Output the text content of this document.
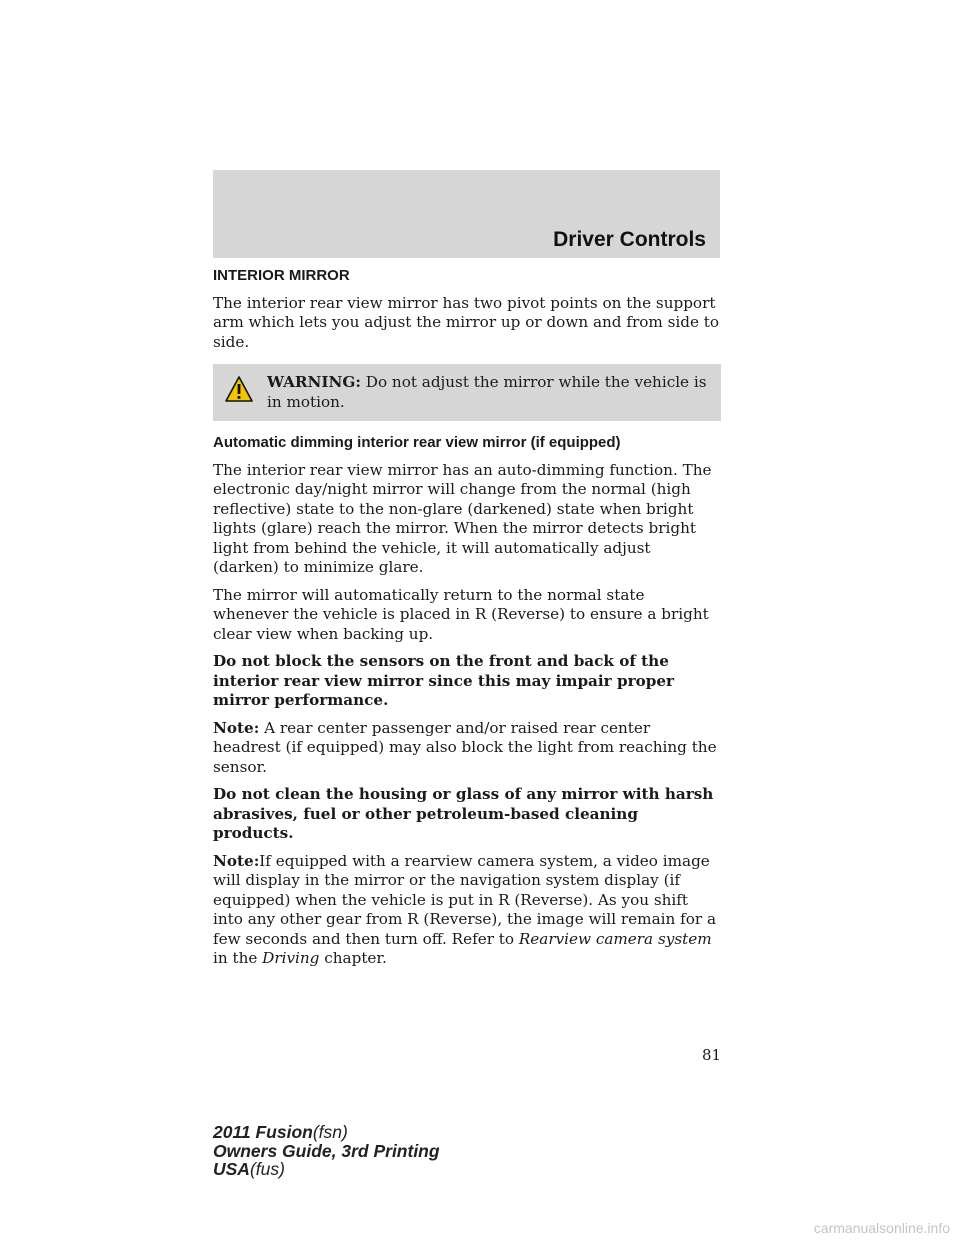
Driver Controls
INTERIOR MIRROR

The interior rear view mirror has two pivot points on the support arm which lets you adjust the mirror up or down and from side to side.

WARNING: Do not adjust the mirror while the vehicle is in motion.
Automatic dimming interior rear view mirror (if equipped)

The interior rear view mirror has an auto-dimming function. The electronic day/night mirror will change from the normal (high reflective) state to the non-glare (darkened) state when bright lights (glare) reach the mirror. When the mirror detects bright light from behind the vehicle, it will automatically adjust (darken) to minimize glare.

The mirror will automatically return to the normal state whenever the vehicle is placed in R (Reverse) to ensure a bright clear view when backing up.

Do not block the sensors on the front and back of the interior rear view mirror since this may impair proper mirror performance.

Note: A rear center passenger and/or raised rear center headrest (if equipped) may also block the light from reaching the sensor.

Do not clean the housing or glass of any mirror with harsh abrasives, fuel or other petroleum-based cleaning products.

Note:If equipped with a rearview camera system, a video image will display in the mirror or the navigation system display (if equipped) when the vehicle is put in R (Reverse). As you shift into any other gear from R (Reverse), the image will remain for a few seconds and then turn off. Refer to Rearview camera system in the Driving chapter.

81
2011 Fusion(fsn)
Owners Guide, 3rd Printing
USA(fus)
carmanualsonline.info
